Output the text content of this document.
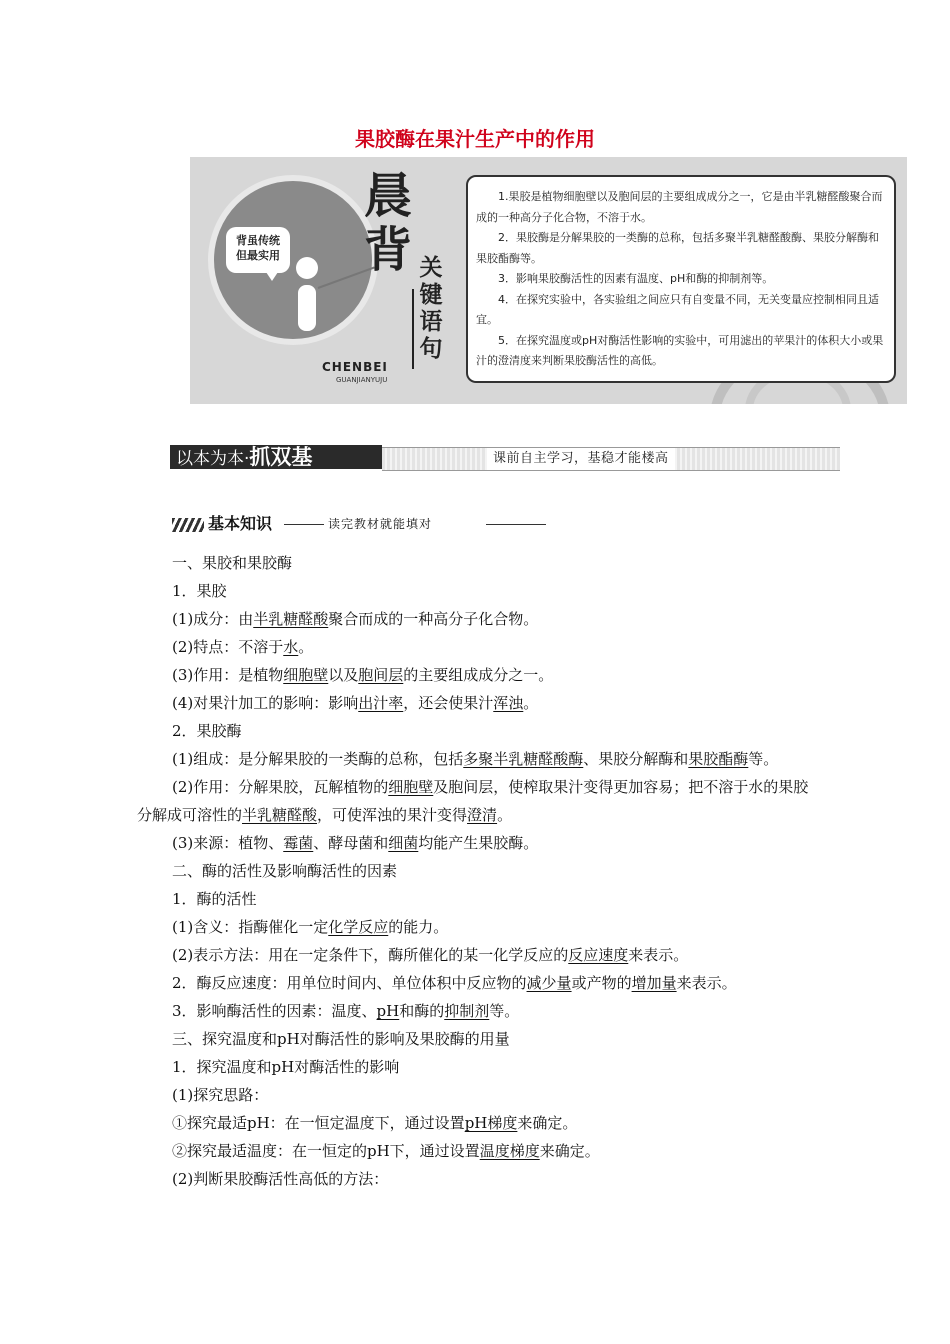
果胶酶在果汁生产中的作用
背虽传统
但最实用
CHENBEI
GUANJIANYUJU
晨
背 关
键
语
句

1.果胶是植物细胞壁以及胞间层的主要组成成分之一，它是由半乳糖醛酸聚合而成的一种高分子化合物，不溶于水。

2．果胶酶是分解果胶的一类酶的总称，包括多聚半乳糖醛酸酶、果胶分解酶和果胶酯酶等。

3．影响果胶酶活性的因素有温度、pH和酶的抑制剂等。

4．在探究实验中，各实验组之间应只有自变量不同，无关变量应控制相同且适宜。

5．在探究温度或pH对酶活性影响的实验中，可用滤出的苹果汁的体积大小或果汁的澄清度来判断果胶酶活性的高低。

以本为本·抓双基	课前自主学习，基稳才能楼高
基本知识	读完教材就能填对

一、果胶和果胶酶

1．果胶

(1)成分：由半乳糖醛酸聚合而成的一种高分子化合物。

(2)特点：不溶于水。

(3)作用：是植物细胞壁以及胞间层的主要组成成分之一。

(4)对果汁加工的影响：影响出汁率，还会使果汁浑浊。

2．果胶酶

(1)组成：是分解果胶的一类酶的总称，包括多聚半乳糖醛酸酶、果胶分解酶和果胶酯酶等。

(2)作用：分解果胶，瓦解植物的细胞壁及胞间层，使榨取果汁变得更加容易；把不溶于水的果胶分解成可溶性的半乳糖醛酸，可使浑浊的果汁变得澄清。

(3)来源：植物、霉菌、酵母菌和细菌均能产生果胶酶。

二、酶的活性及影响酶活性的因素

1．酶的活性

(1)含义：指酶催化一定化学反应的能力。

(2)表示方法：用在一定条件下，酶所催化的某一化学反应的反应速度来表示。

2．酶反应速度：用单位时间内、单位体积中反应物的减少量或产物的增加量来表示。

3．影响酶活性的因素：温度、pH和酶的抑制剂等。

三、探究温度和pH对酶活性的影响及果胶酶的用量

1．探究温度和pH对酶活性的影响

(1)探究思路：

①探究最适pH：在一恒定温度下，通过设置pH梯度来确定。

②探究最适温度：在一恒定的pH下，通过设置温度梯度来确定。

(2)判断果胶酶活性高低的方法：
